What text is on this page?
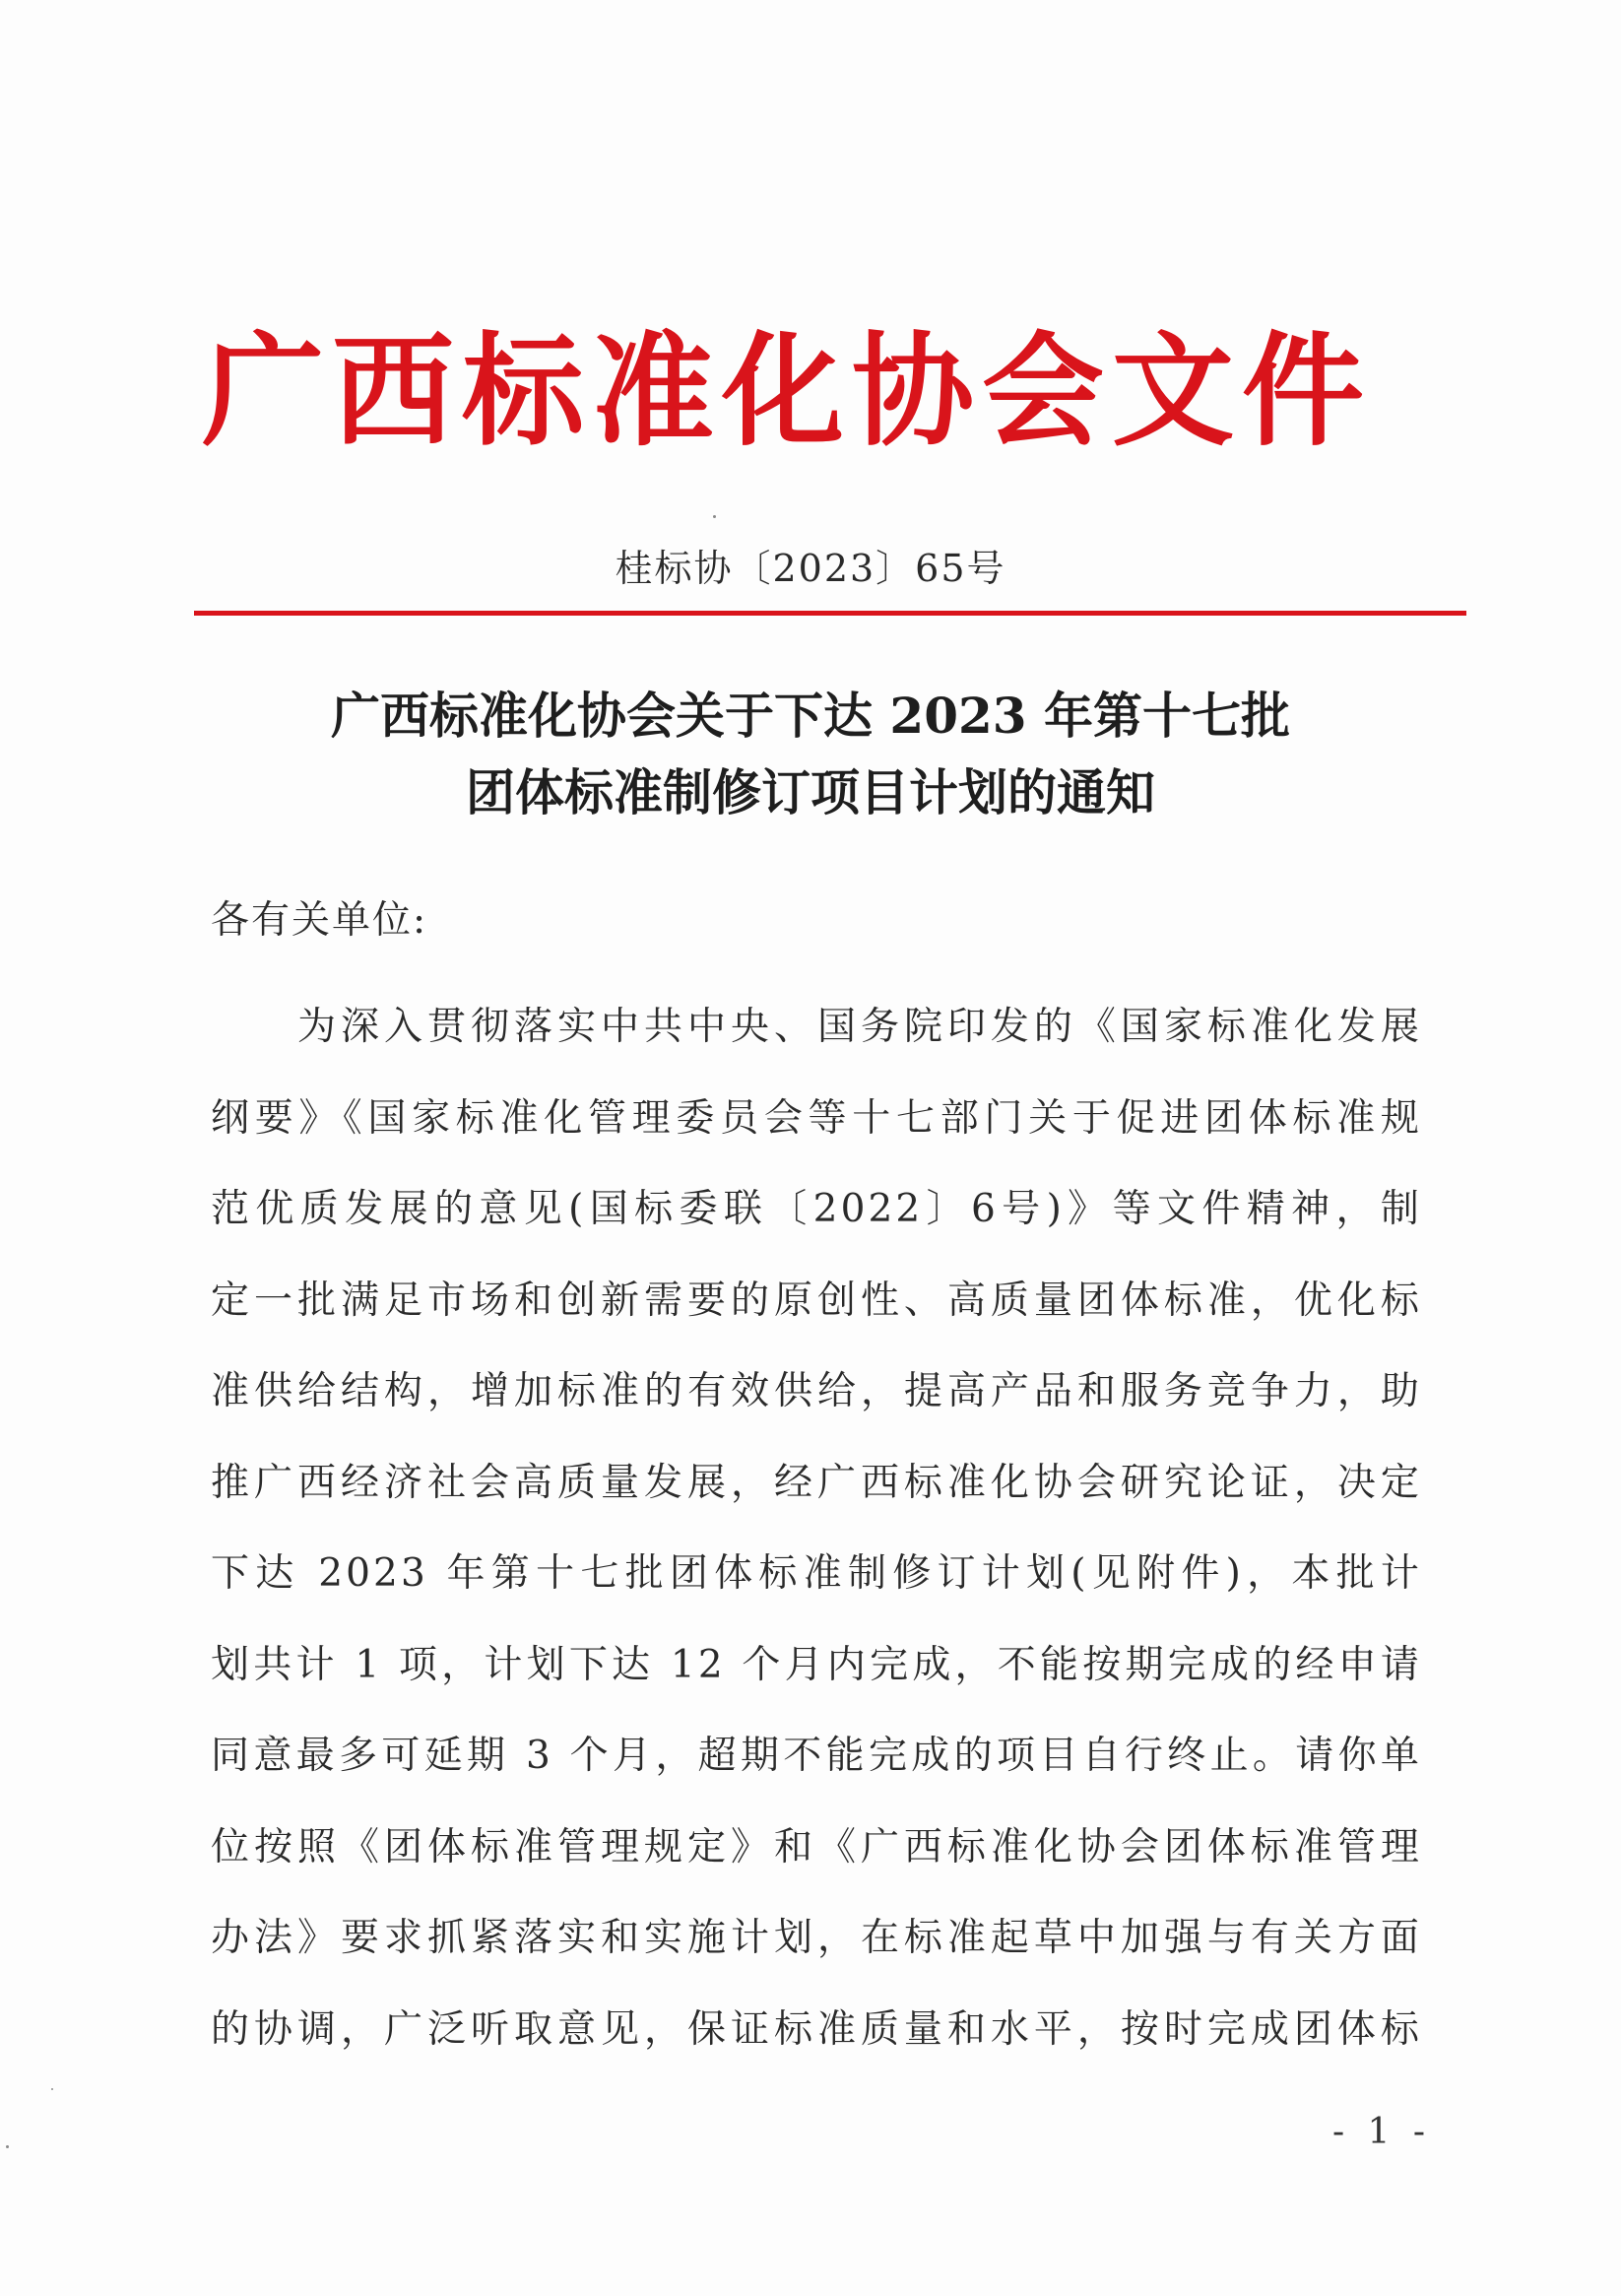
广西标准化协会文件
桂标协〔2023〕65号
广西标准化协会关于下达 2023 年第十七批
团体标准制修订项目计划的通知
各有关单位:
为深入贯彻落实中共中央、国务院印发的《国家标准化发展
纲要》《国家标准化管理委员会等十七部门关于促进团体标准规
范优质发展的意见(国标委联〔2022〕6号)》等文件精神，制
定一批满足市场和创新需要的原创性、高质量团体标准，优化标
准供给结构，增加标准的有效供给，提高产品和服务竞争力，助
推广西经济社会高质量发展，经广西标准化协会研究论证，决定
下达 2023 年第十七批团体标准制修订计划(见附件)，本批计
划共计 1 项，计划下达 12 个月内完成，不能按期完成的经申请
同意最多可延期 3 个月，超期不能完成的项目自行终止。请你单
位按照《团体标准管理规定》和《广西标准化协会团体标准管理
办法》要求抓紧落实和实施计划，在标准起草中加强与有关方面
的协调，广泛听取意见，保证标准质量和水平，按时完成团体标
- 1 -
